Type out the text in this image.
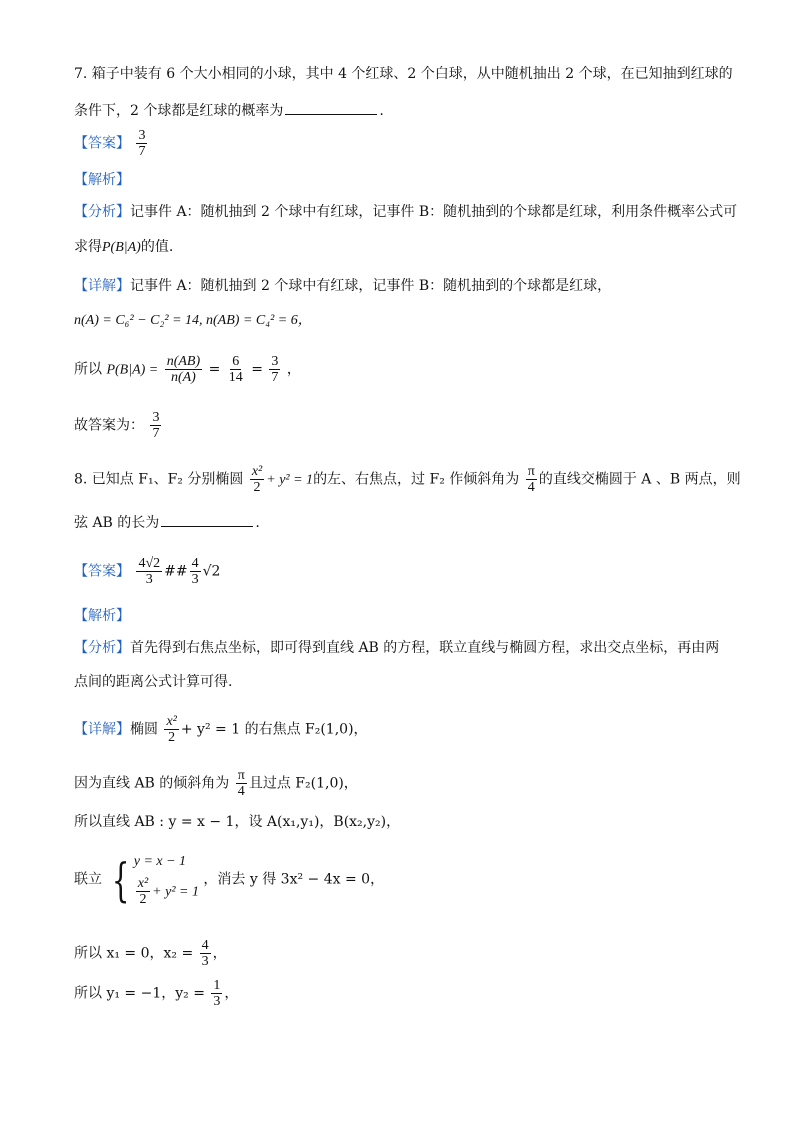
7. 箱子中装有 6 个大小相同的小球，其中 4 个红球、2 个白球，从中随机抽出 2 个球，在已知抽到红球的
条件下，2 个球都是红球的概率为	.
【答案】 $\frac{3}{7}$
【解析】
【分析】记事件 A：随机抽到 2 个球中有红球，记事件 B：随机抽到的个球都是红球，利用条件概率公式可
求得P(B|A)的值.
【详解】记事件 A：随机抽到 2 个球中有红球，记事件 B：随机抽到的个球都是红球，
n(A) = C₆² − C₂² = 14, n(AB) = C₄² = 6，
所以 $P(B|A) = \frac{n(AB)}{n(A)} = \frac{6}{14} = \frac{3}{7}$ ，
故答案为： $\frac{3}{7}$
8. 已知点 F₁、F₂ 分别椭圆 $\frac{\text{x²}}{2} + y^2 = 1$的左、右焦点，过 F₂ 作倾斜角为 $\frac{\pi}{4}$ 的直线交椭圆于 A 、B 两点，则
弦 AB 的长为	.
【答案】 $\frac{4√2}{3}$ ## $\frac{4}{3} √2$
【解析】
【分析】首先得到右焦点坐标，即可得到直线 AB 的方程，联立直线与椭圆方程，求出交点坐标，再由两
点间的距离公式计算可得.
【详解】椭圆 $\frac{\text{x²}}{2} + y^2 = 1$ 的右焦点 F₂(1,0)，
因为直线 AB 的倾斜角为 $\frac{\pi}{4}$ 且过点 F₂(1,0)，
所以直线 AB : y = x − 1，设 A(x₁,y₁)，B(x₂,y₂)，
联立 { y = x − 1
$\frac{\text{x²}}{2} + y^2 = 1$
，消去 y 得 3x² − 4x = 0，
所以 x₁ = 0，$x_2 = \frac{4}{3}$ ，
所以 y₁ = −1，$y_2 = \frac{1}{3}$ ，
